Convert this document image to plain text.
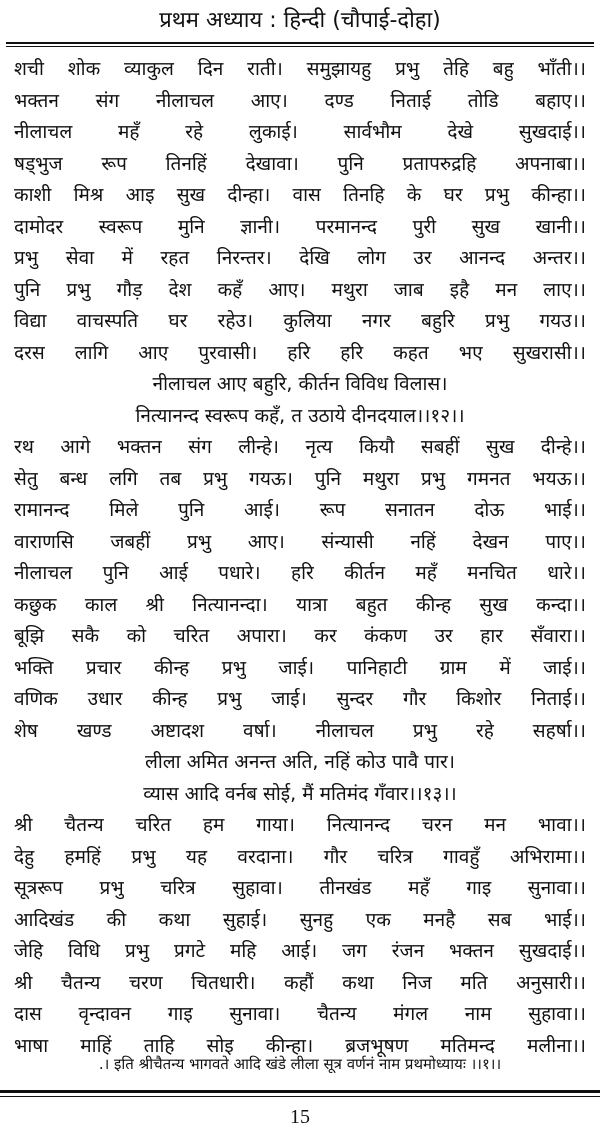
प्रथम अध्याय : हिन्दी (चौपाई-दोहा)
शची शोक व्याकुल दिन राती। समुझायहु प्रभु तेहि बहु भाँती।।
भक्तन संग नीलाचल आए। दण्ड निताई तोडि बहाए।।
नीलाचल महँ रहे लुकाई। सार्वभौम देखे सुखदाई।।
षड्भुज रूप तिनहिं देखावा। पुनि प्रतापरुद्रहि अपनाबा।।
काशी मिश्र आइ सुख दीन्हा। वास तिनहि के घर प्रभु कीन्हा।।
दामोदर स्वरूप मुनि ज्ञानी। परमानन्द पुरी सुख खानी।।
प्रभु सेवा में रहत निरन्तर। देखि लोग उर आनन्द अन्तर।।
पुनि प्रभु गौड़ देश कहँ आए। मथुरा जाब इहै मन लाए।।
विद्या वाचस्पति घर रहेउ। कुलिया नगर बहुरि प्रभु गयउ।।
दरस लागि आए पुरवासी। हरि हरि कहत भए सुखरासी।।
नीलाचल आए बहुरि, कीर्तन विविध विलास।
नित्यानन्द स्वरूप कहँ, त उठाये दीनदयाल।।१२।।
रथ आगे भक्तन संग लीन्हे। नृत्य कियौ सबहीं सुख दीन्हे।।
सेतु बन्ध लगि तब प्रभु गयऊ। पुनि मथुरा प्रभु गमनत भयऊ।।
रामानन्द मिले पुनि आई। रूप सनातन दोऊ भाई।।
वाराणसि जबहीं प्रभु आए। संन्यासी नहिं देखन पाए।।
नीलाचल पुनि आई पधारे। हरि कीर्तन महँ मनचित धारे।।
कछुक काल श्री नित्यानन्दा। यात्रा बहुत कीन्ह सुख कन्दा।।
बूझि सकै को चरित अपारा। कर कंकण उर हार सँवारा।।
भक्ति प्रचार कीन्ह प्रभु जाई। पानिहाटी ग्राम में जाई।।
वणिक उधार कीन्ह प्रभु जाई। सुन्दर गौर किशोर निताई।।
शेष खण्ड अष्टादश वर्षा। नीलाचल प्रभु रहे सहर्षा।।
लीला अमित अनन्त अति, नहिं कोउ पावै पार।
व्यास आदि वर्नब सोई, मैं मतिमंद गँवार।।१३।।
श्री चैतन्य चरित हम गाया। नित्यानन्द चरन मन भावा।।
देहु हमहिं प्रभु यह वरदाना। गौर चरित्र गावहुँ अभिरामा।।
सूत्ररूप प्रभु चरित्र सुहावा। तीनखंड महँ गाइ सुनावा।।
आदिखंड की कथा सुहाई। सुनहु एक मनहै सब भाई।।
जेहि विधि प्रभु प्रगटे महि आई। जग रंजन भक्तन सुखदाई।।
श्री चैतन्य चरण चितधारी। कहौं कथा निज मति अनुसारी।।
दास वृन्दावन गाइ सुनावा। चैतन्य मंगल नाम सुहावा।।
भाषा माहिं ताहि सोइ कीन्हा। ब्रजभूषण मतिमन्द मलीना।।
.। इति श्रीचैतन्य भागवते आदि खंडे लीला सूत्र वर्णनं नाम प्रथमोध्यायः ।।१।।
15
